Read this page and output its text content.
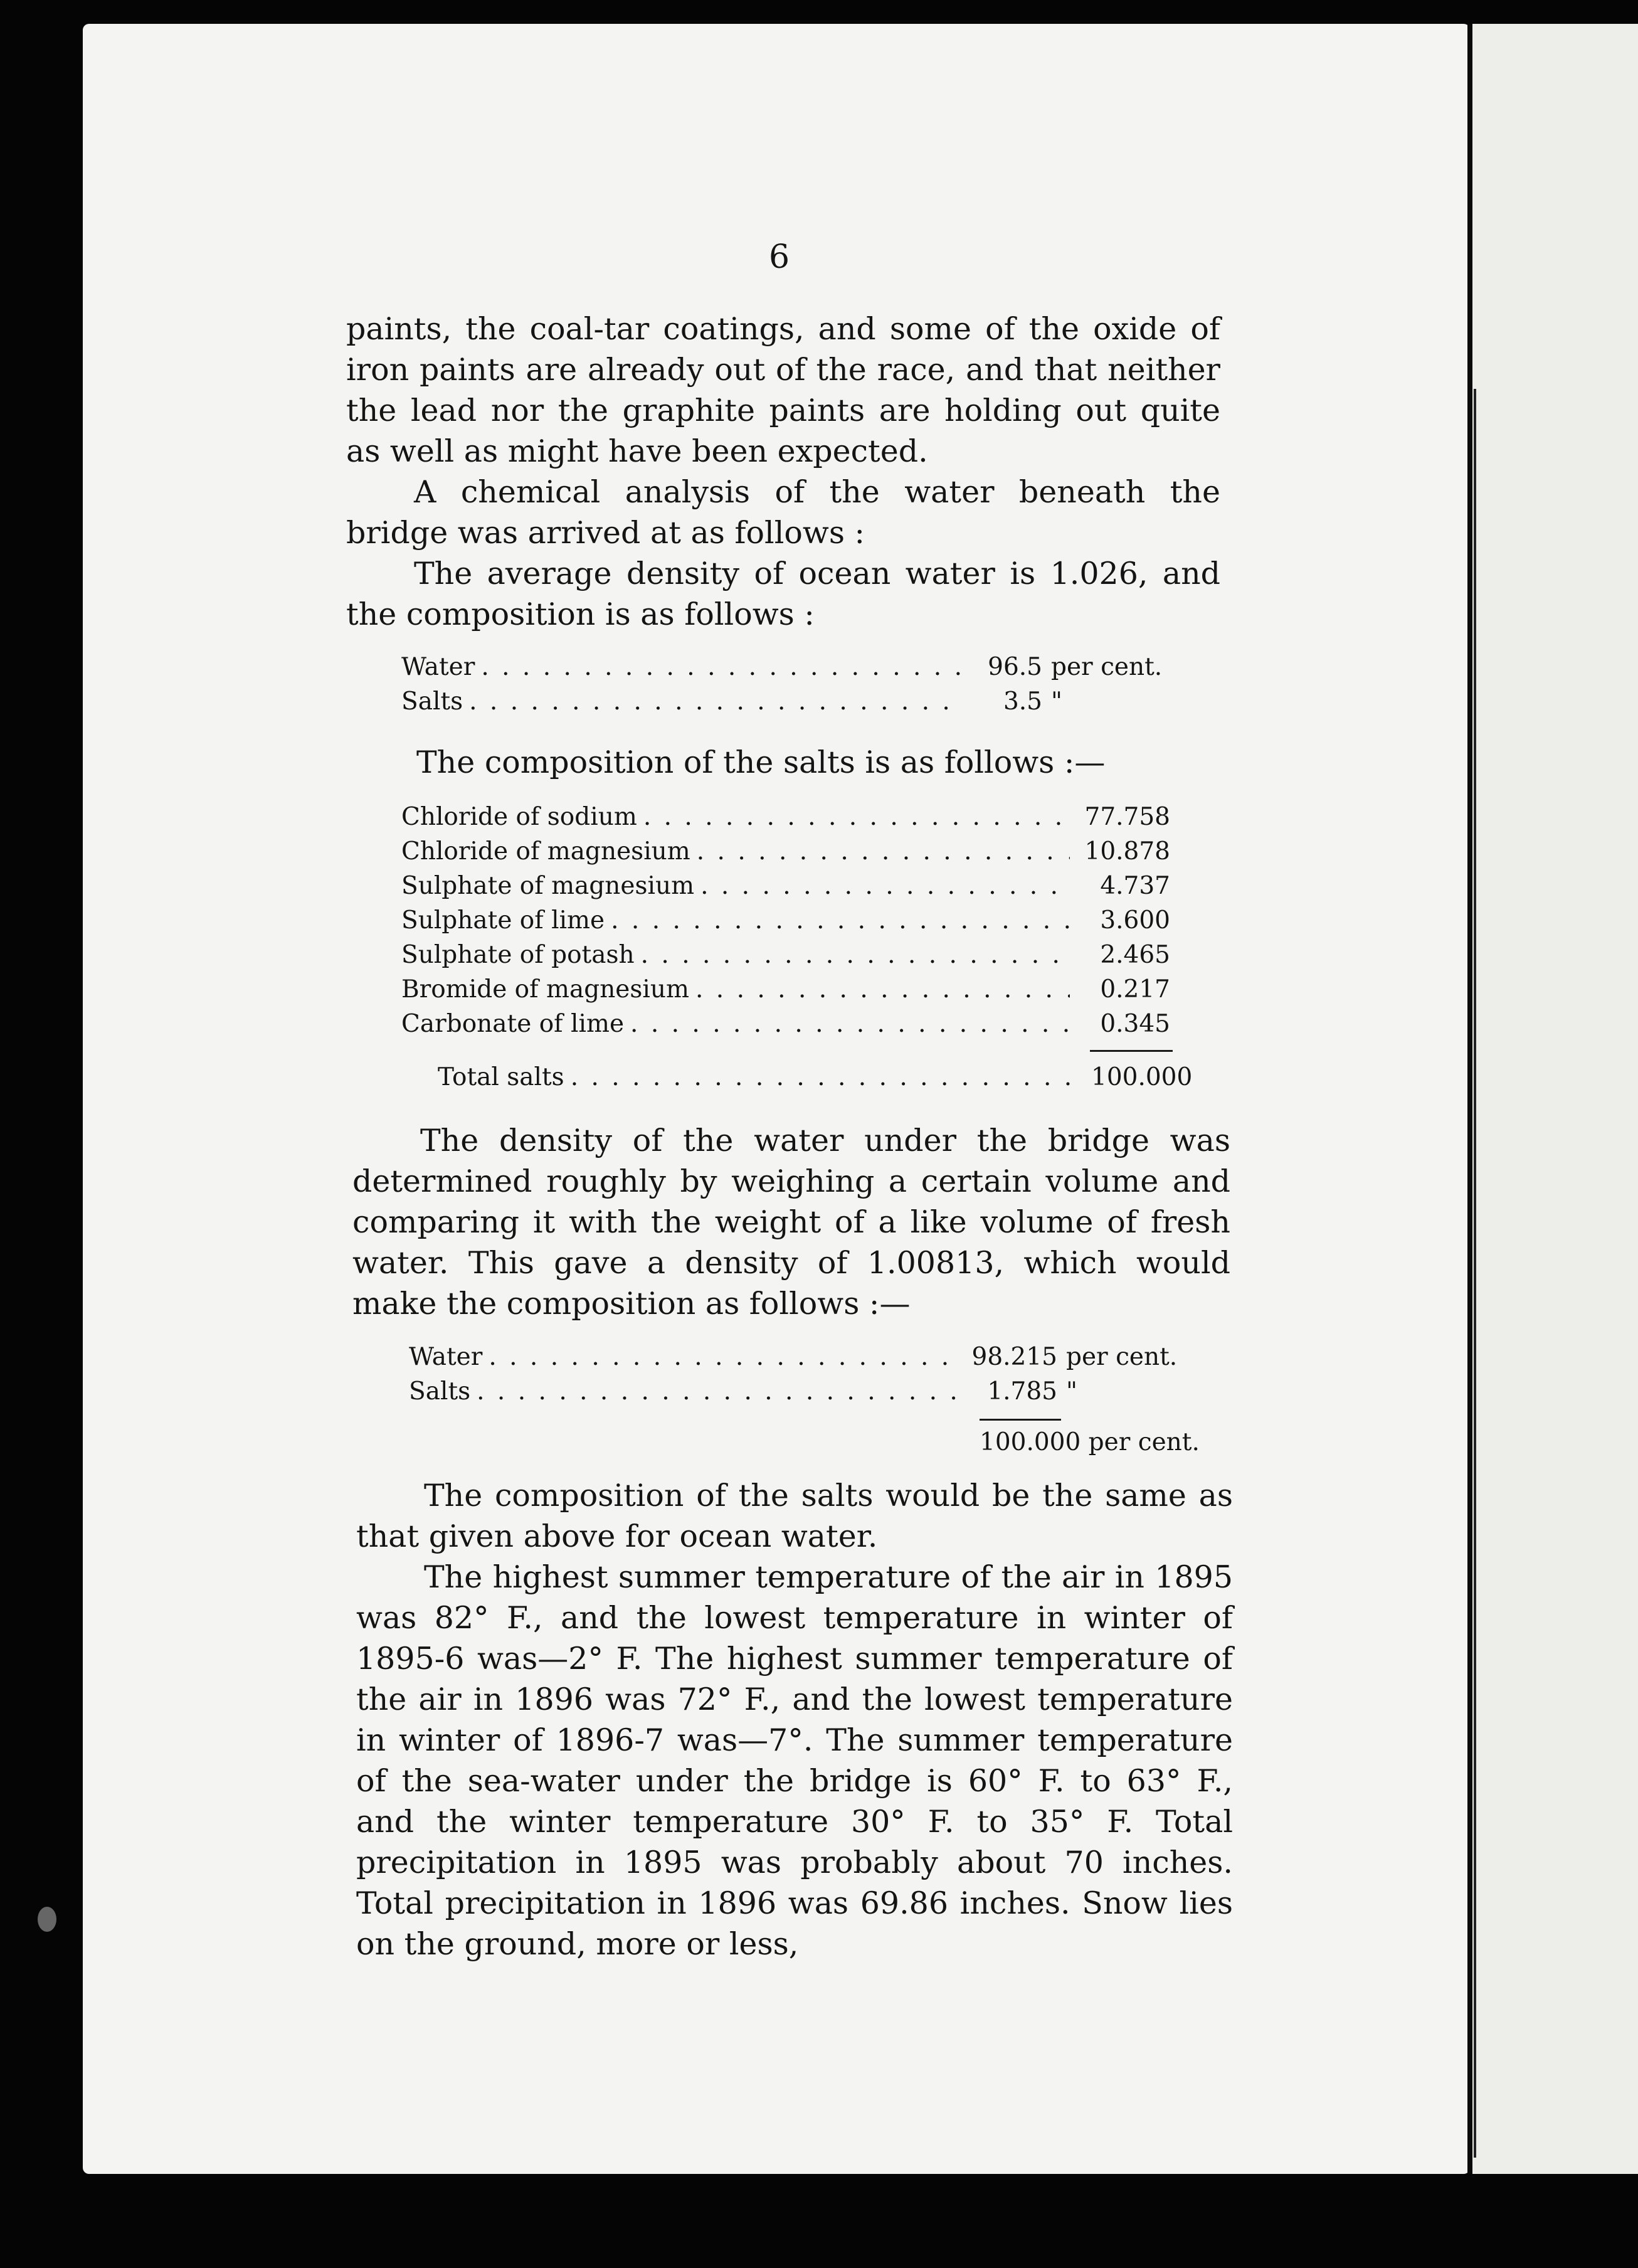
6

paints, the coal-tar coatings, and some of the oxide of iron paints are already out of the race, and that neither the lead nor the graphite paints are holding out quite as well as might have been expected.

A chemical analysis of the water beneath the bridge was arrived at as follows :

The average density of ocean water is 1.026, and the composition is as follows :

Water . . .	96.5 per cent.
Salts . . .	3.5 "
The composition of the salts is as follows :—
Chloride of sodium . . .	77.758
Chloride of magnesium . . .	10.878
Sulphate of magnesium . . .	4.737
Sulphate of lime . . .	3.600
Sulphate of potash . . .	2.465
Bromide of magnesium . . .	0.217
Carbonate of lime . . .	0.345
Total salts . . .	100.000

The density of the water under the bridge was determined roughly by weighing a certain volume and comparing it with the weight of a like volume of fresh water. This gave a density of 1.00813, which would make the composition as follows :—

Water . . .	98.215 per cent.
Salts . . .	1.785 "
100.000 per cent.

The composition of the salts would be the same as that given above for ocean water.

The highest summer temperature of the air in 1895 was 82° F., and the lowest temperature in winter of 1895-6 was—2° F. The highest summer temperature of the air in 1896 was 72° F., and the lowest temperature in winter of 1896-7 was—7°. The summer temperature of the sea-water under the bridge is 60° F. to 63° F., and the winter temperature 30° F. to 35° F. Total precipitation in 1895 was probably about 70 inches. Total precipitation in 1896 was 69.86 inches. Snow lies on the ground, more or less,
